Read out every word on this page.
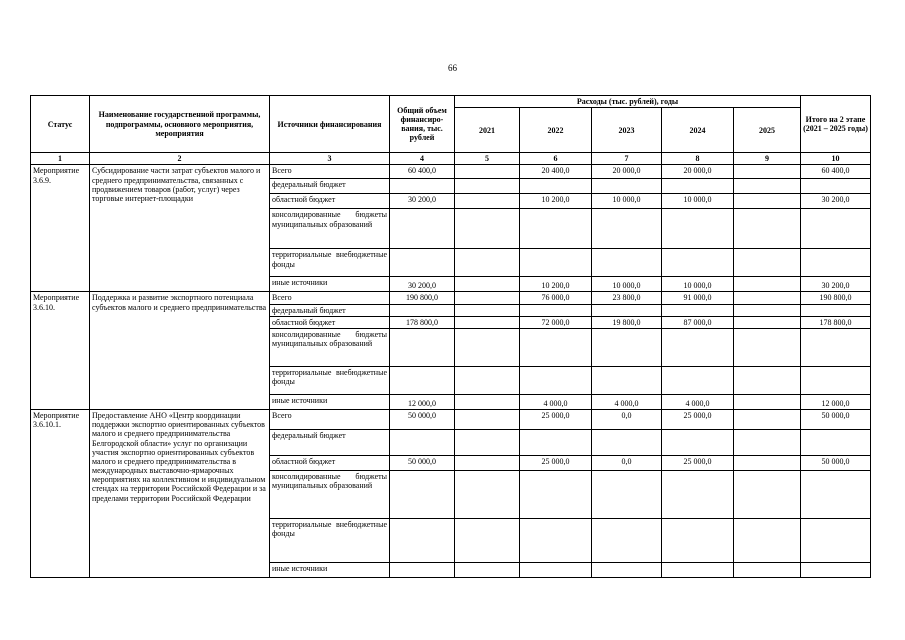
66
Статус	Наименование государственной программы, подпрограммы, основного мероприятия, мероприятия	Источники финансирования	Общий объем финансиро-вания, тыс. рублей	Расходы (тыс. рублей), годы					Итого на 2 этапе (2021 – 2025 годы)
				2021	2022	2023	2024	2025	
1	2	3	4	5	6	7	8	9	10
Мероприятие 3.6.9.	Субсидирование части затрат субъектов малого и среднего предпринимательства, связанных с продвижением товаров (работ, услуг) через торговые интернет-площадки	Всего	60 400,0		20 400,0	20 000,0	20 000,0		60 400,0
		федеральный бюджет							
		областной бюджет	30 200,0		10 200,0	10 000,0	10 000,0		30 200,0
		консолидированные бюджеты муниципальных образований							
		территориальные внебюджетные фонды							
		иные источники	30 200,0		10 200,0	10 000,0	10 000,0		30 200,0
Мероприятие 3.6.10.	Поддержка и развитие экспортного потенциала субъектов малого и среднего предпринимательства	Всего	190 800,0		76 000,0	23 800,0	91 000,0		190 800,0
		федеральный бюджет							
		областной бюджет	178 800,0		72 000,0	19 800,0	87 000,0		178 800,0
		консолидированные бюджеты муниципальных образований							
		территориальные внебюджетные фонды							
		иные источники	12 000,0		4 000,0	4 000,0	4 000,0		12 000,0
Мероприятие 3.6.10.1.	Предоставление АНО «Центр координации поддержки экспортно ориентированных субъектов малого и среднего предпринимательства Белгородской области» услуг по организации участия экспортно ориентированных субъектов малого и среднего предпринимательства в международных выставочно-ярмарочных мероприятиях на коллективном и индивидуальном стендах на территории Российской Федерации и за пределами территории Российской Федерации	Всего	50 000,0		25 000,0	0,0	25 000,0		50 000,0
		федеральный бюджет							
		областной бюджет	50 000,0		25 000,0	0,0	25 000,0		50 000,0
		консолидированные бюджеты муниципальных образований							
		территориальные внебюджетные фонды							
		иные источники							
